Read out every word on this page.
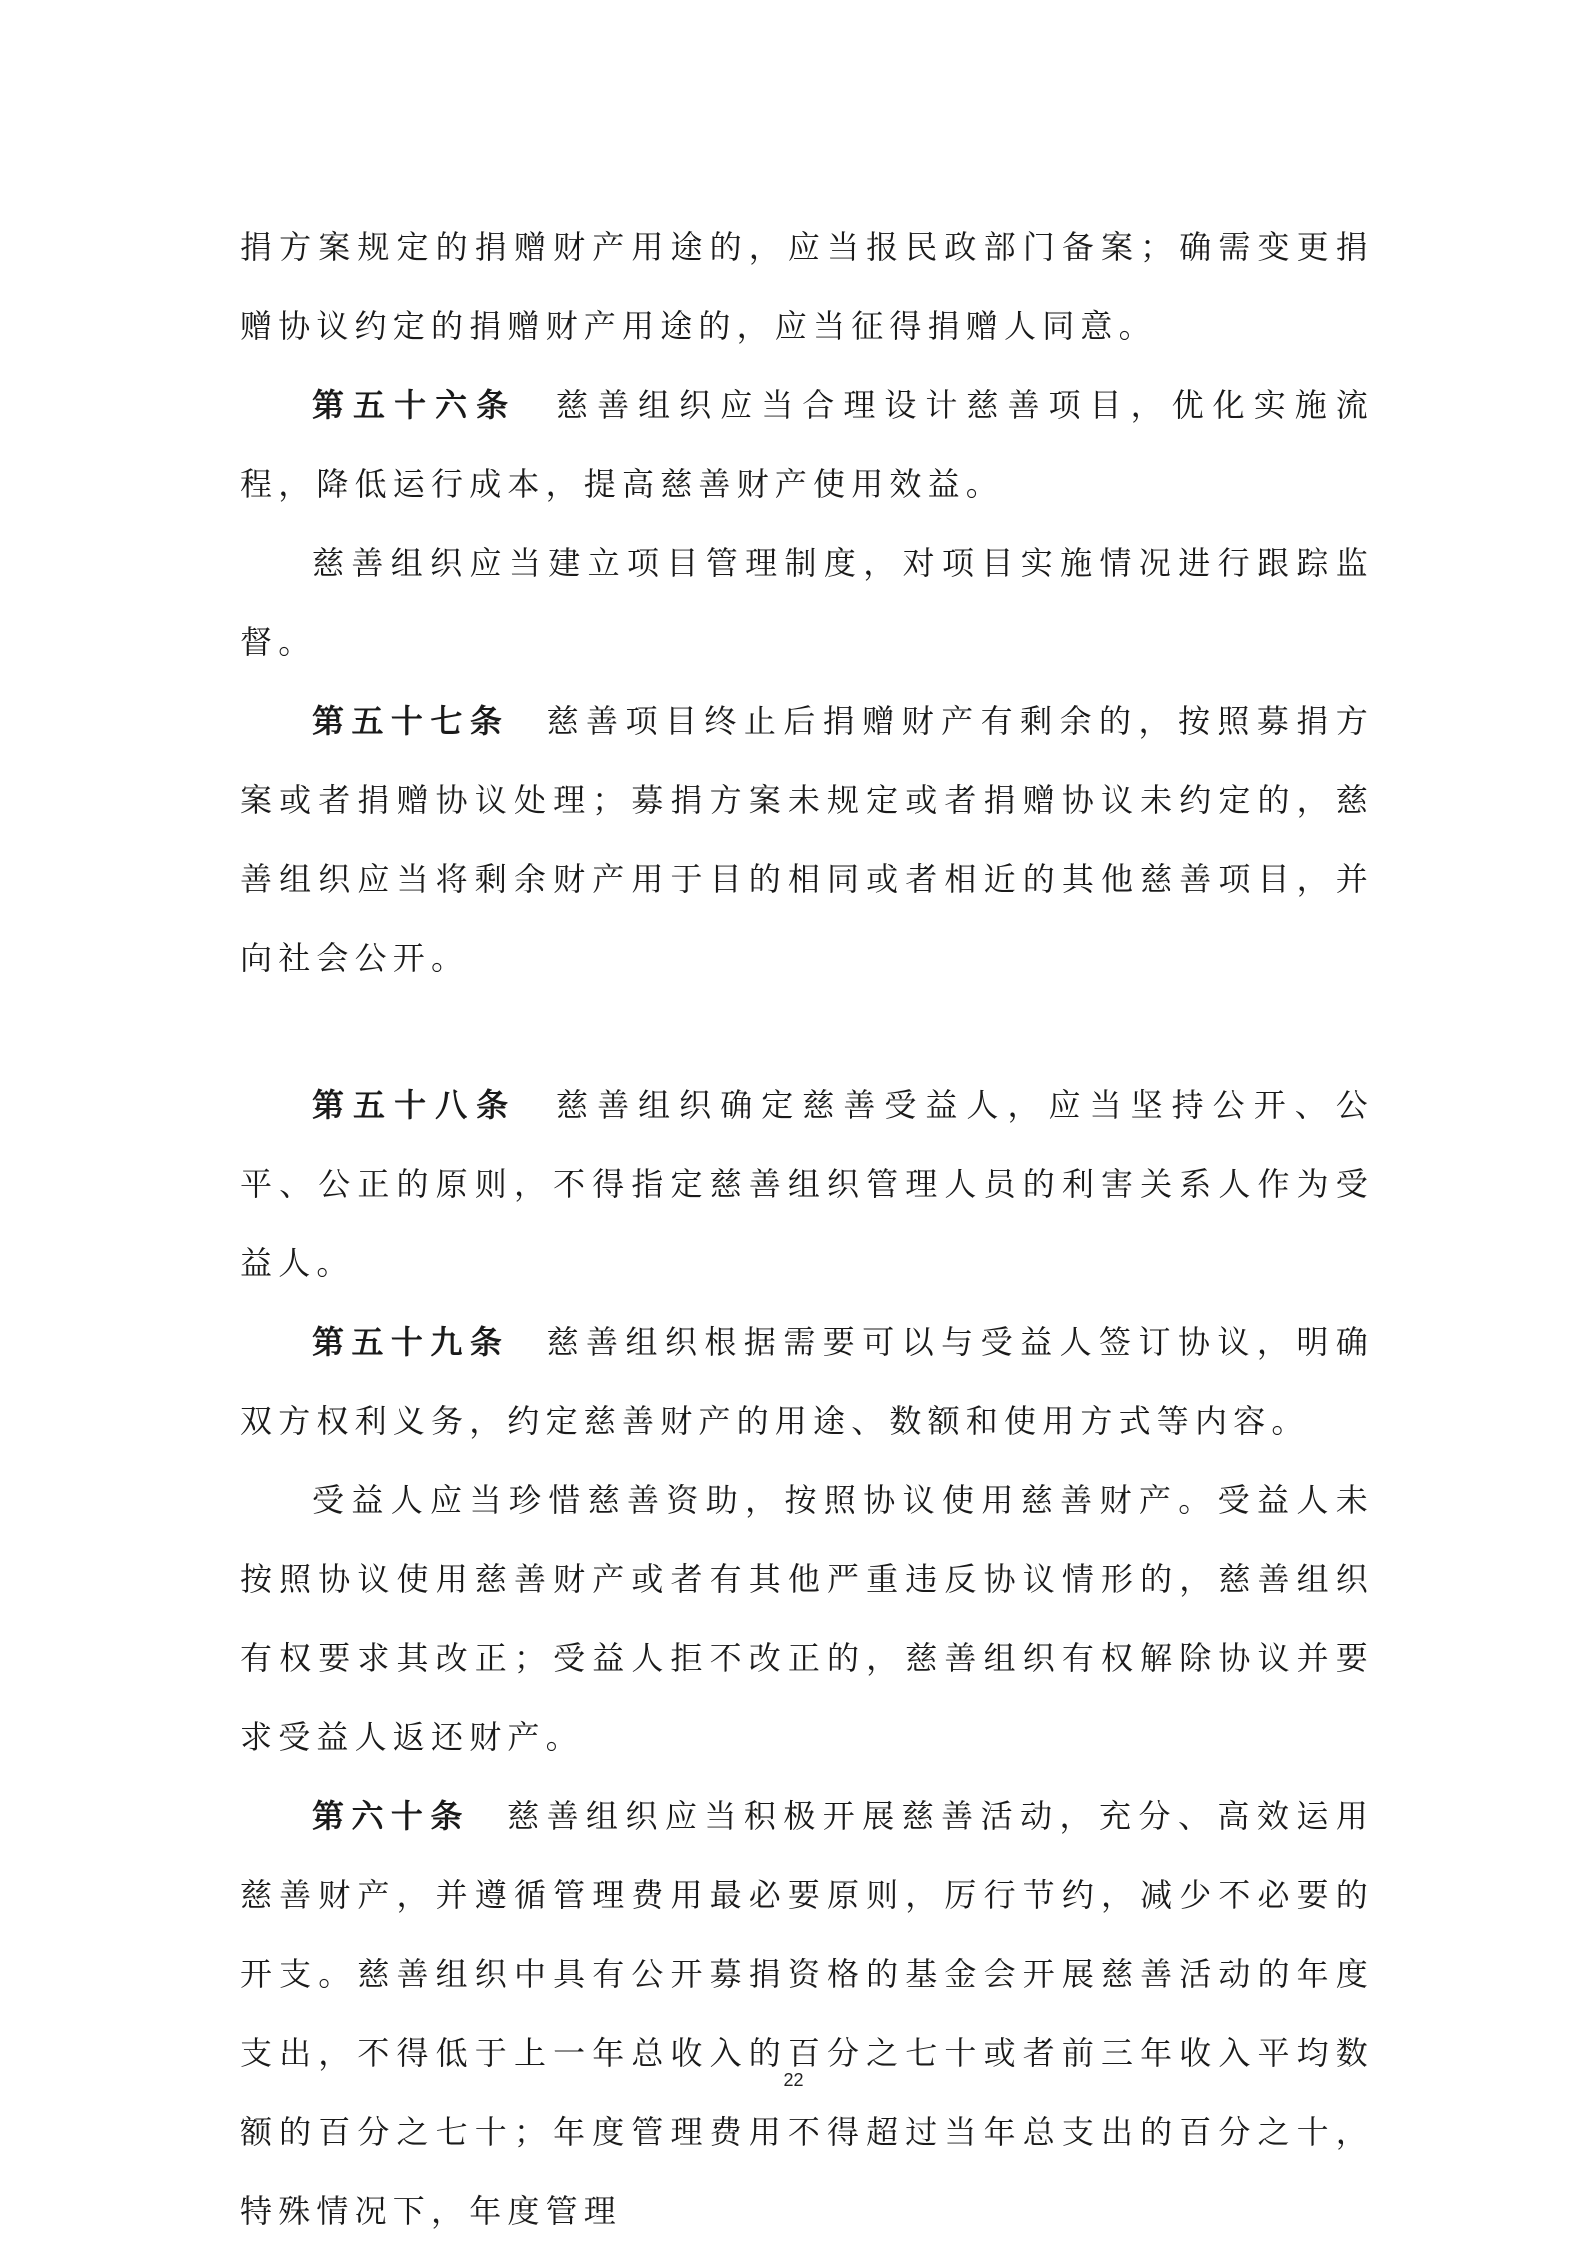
捐方案规定的捐赠财产用途的，应当报民政部门备案；确需变更捐赠协议约定的捐赠财产用途的，应当征得捐赠人同意。

第五十六条 慈善组织应当合理设计慈善项目，优化实施流程，降低运行成本，提高慈善财产使用效益。

慈善组织应当建立项目管理制度，对项目实施情况进行跟踪监督。

第五十七条 慈善项目终止后捐赠财产有剩余的，按照募捐方案或者捐赠协议处理；募捐方案未规定或者捐赠协议未约定的，慈善组织应当将剩余财产用于目的相同或者相近的其他慈善项目，并向社会公开。

第五十八条 慈善组织确定慈善受益人，应当坚持公开、公平、公正的原则，不得指定慈善组织管理人员的利害关系人作为受益人。

第五十九条 慈善组织根据需要可以与受益人签订协议，明确双方权利义务，约定慈善财产的用途、数额和使用方式等内容。

受益人应当珍惜慈善资助，按照协议使用慈善财产。受益人未按照协议使用慈善财产或者有其他严重违反协议情形的，慈善组织有权要求其改正；受益人拒不改正的，慈善组织有权解除协议并要求受益人返还财产。

第六十条 慈善组织应当积极开展慈善活动，充分、高效运用慈善财产，并遵循管理费用最必要原则，厉行节约，减少不必要的开支。慈善组织中具有公开募捐资格的基金会开展慈善活动的年度支出，不得低于上一年总收入的百分之七十或者前三年收入平均数额的百分之七十；年度管理费用不得超过当年总支出的百分之十，特殊情况下，年度管理

22
